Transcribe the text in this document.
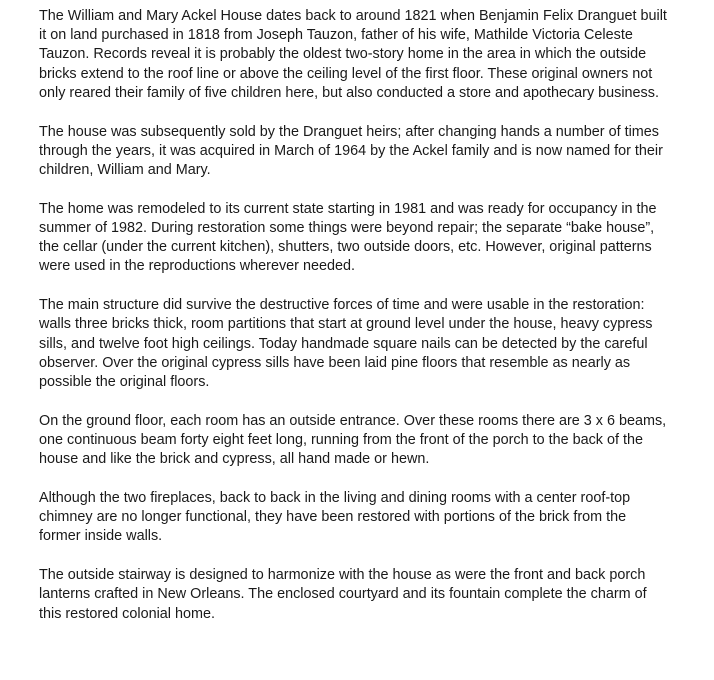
The William and Mary Ackel House dates back to around 1821 when Benjamin Felix Dranguet built it on land purchased in 1818 from Joseph Tauzon, father of his wife, Mathilde Victoria Celeste Tauzon. Records reveal it is probably the oldest two-story home in the area in which the outside bricks extend to the roof line or above the ceiling level of the first floor. These original owners not only reared their family of five children here, but also conducted a store and apothecary business.

The house was subsequently sold by the Dranguet heirs; after changing hands a number of times through the years, it was acquired in March of 1964 by the Ackel family and is now named for their children, William and Mary.

The home was remodeled to its current state starting in 1981 and was ready for occupancy in the summer of 1982. During restoration some things were beyond repair; the separate “bake house”, the cellar (under the current kitchen), shutters, two outside doors, etc. However, original patterns were used in the reproductions wherever needed.

The main structure did survive the destructive forces of time and were usable in the restoration: walls three bricks thick, room partitions that start at ground level under the house, heavy cypress sills, and twelve foot high ceilings. Today handmade square nails can be detected by the careful observer. Over the original cypress sills have been laid pine floors that resemble as nearly as possible the original floors.

On the ground floor, each room has an outside entrance. Over these rooms there are 3 x 6 beams, one continuous beam forty eight feet long, running from the front of the porch to the back of the house and like the brick and cypress, all hand made or hewn.

Although the two fireplaces, back to back in the living and dining rooms with a center roof-top chimney are no longer functional, they have been restored with portions of the brick from the former inside walls.

The outside stairway is designed to harmonize with the house as were the front and back porch lanterns crafted in New Orleans. The enclosed courtyard and its fountain complete the charm of this restored colonial home.
